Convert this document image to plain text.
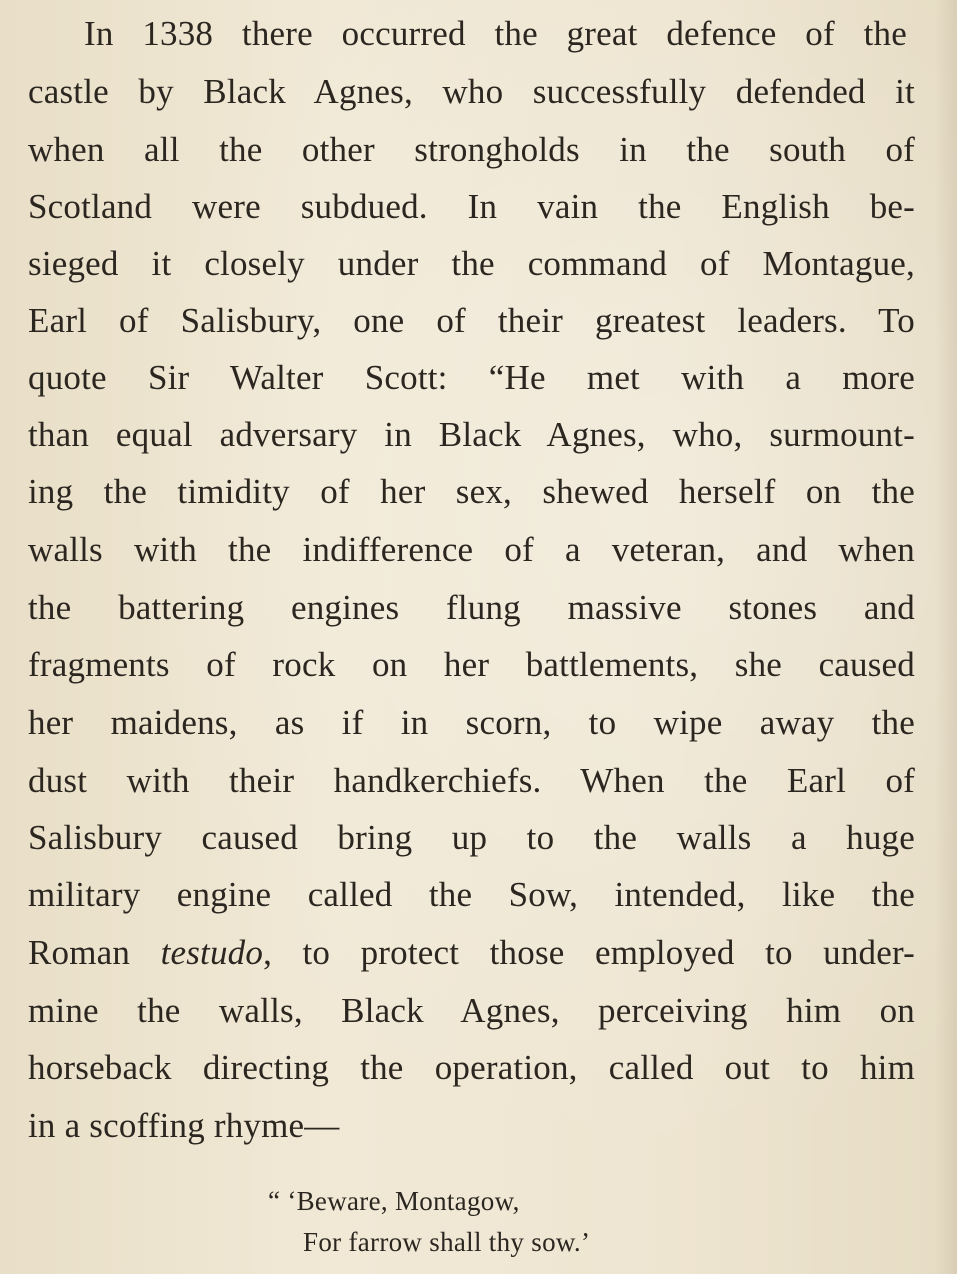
In 1338 there occurred the great defence of the
castle by Black Agnes, who successfully defended it
when all the other strongholds in the south of
Scotland were subdued. In vain the English be-
sieged it closely under the command of Montague,
Earl of Salisbury, one of their greatest leaders. To
quote Sir Walter Scott: “He met with a more
than equal adversary in Black Agnes, who, surmount-
ing the timidity of her sex, shewed herself on the
walls with the indifference of a veteran, and when
the battering engines flung massive stones and
fragments of rock on her battlements, she caused
her maidens, as if in scorn, to wipe away the
dust with their handkerchiefs. When the Earl of
Salisbury caused bring up to the walls a huge
military engine called the Sow, intended, like the
Roman testudo, to protect those employed to under-
mine the walls, Black Agnes, perceiving him on
horseback directing the operation, called out to him
in a scoffing rhyme—
“ ‘Beware, Montagow,
For farrow shall thy sow.’
